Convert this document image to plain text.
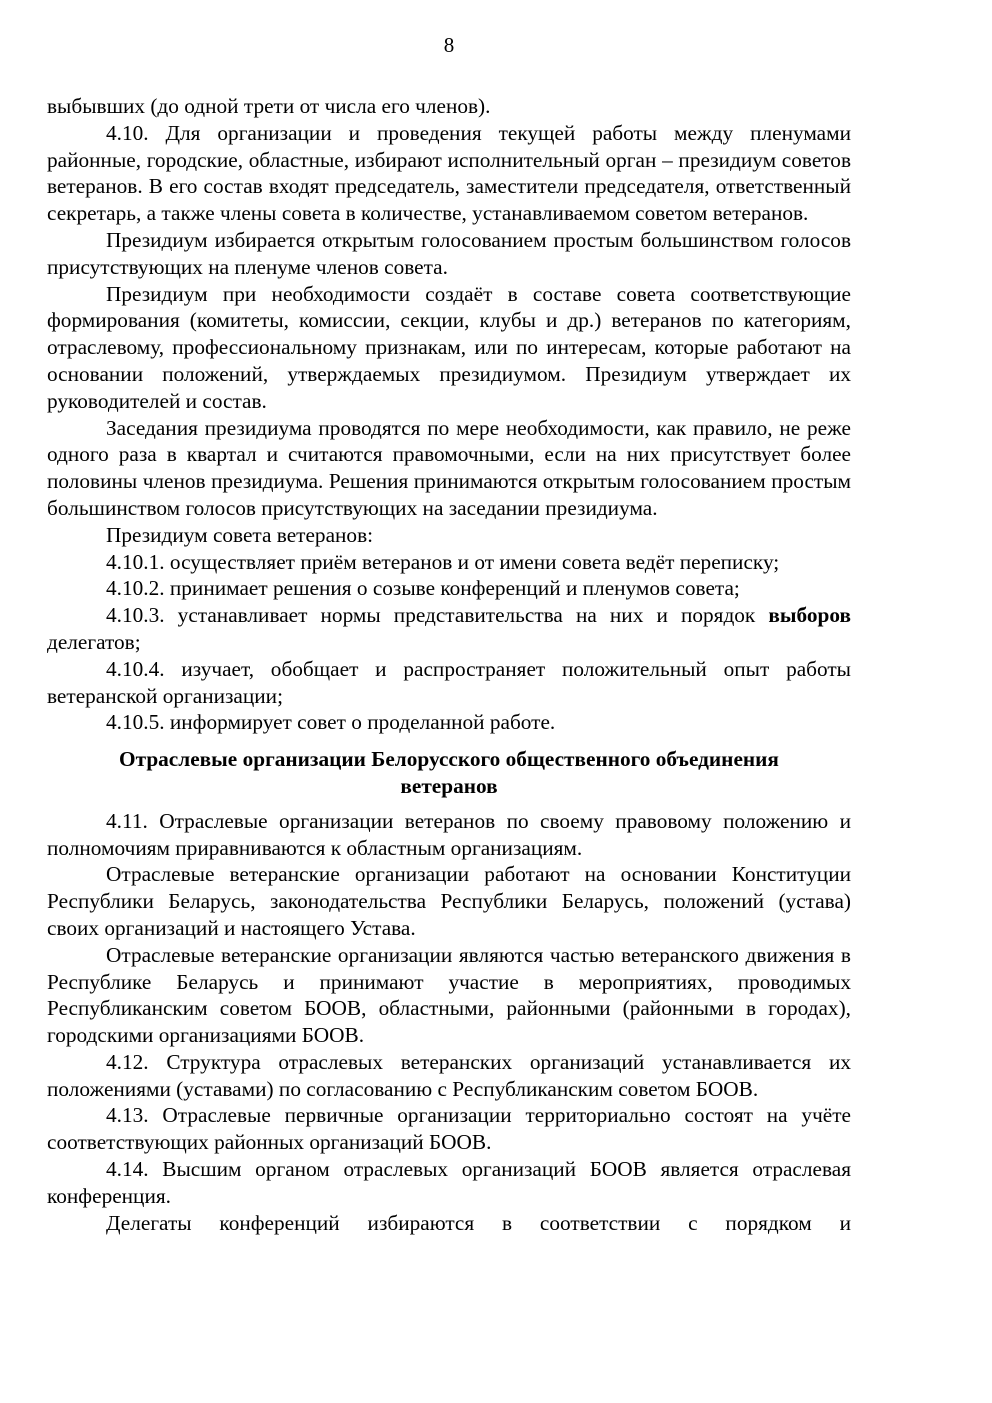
8

выбывших (до одной трети от числа его членов).

4.10. Для организации и проведения текущей работы между пленумами районные, городские, областные, избирают исполнительный орган – президиум советов ветеранов. В его состав входят председатель, заместители председателя, ответственный секретарь, а также члены совета в количестве, устанавливаемом советом ветеранов.

Президиум избирается открытым голосованием простым большинством голосов присутствующих на пленуме членов совета.

Президиум при необходимости создаёт в составе совета соответствующие формирования (комитеты, комиссии, секции, клубы и др.) ветеранов по категориям, отраслевому, профессиональному признакам, или по интересам, которые работают на основании положений, утверждаемых президиумом. Президиум утверждает их руководителей и состав.

Заседания президиума проводятся по мере необходимости, как правило, не реже одного раза в квартал и считаются правомочными, если на них присутствует более половины членов президиума. Решения принимаются открытым голосованием простым большинством голосов присутствующих на заседании президиума.

Президиум совета ветеранов:

4.10.1. осуществляет приём ветеранов и от имени совета ведёт переписку;

4.10.2. принимает решения о созыве конференций и пленумов совета;

4.10.3. устанавливает нормы представительства на них и порядок выборов делегатов;

4.10.4. изучает, обобщает и распространяет положительный опыт работы ветеранской организации;

4.10.5. информирует совет о проделанной работе.

Отраслевые организации Белорусского общественного объединения
ветеранов

4.11. Отраслевые организации ветеранов по своему правовому положению и полномочиям приравниваются к областным организациям.

Отраслевые ветеранские организации работают на основании Конституции Республики Беларусь, законодательства Республики Беларусь, положений (устава) своих организаций и настоящего Устава.

Отраслевые ветеранские организации являются частью ветеранского движения в Республике Беларусь и принимают участие в мероприятиях, проводимых Республиканским советом БООВ, областными, районными (районными в городах), городскими организациями БООВ.

4.12. Структура отраслевых ветеранских организаций устанавливается их положениями (уставами) по согласованию с Республиканским советом БООВ.

4.13. Отраслевые первичные организации территориально состоят на учёте соответствующих районных организаций БООВ.

4.14. Высшим органом отраслевых организаций БООВ является отраслевая конференция.

Делегаты конференций избираются в соответствии с порядком и
